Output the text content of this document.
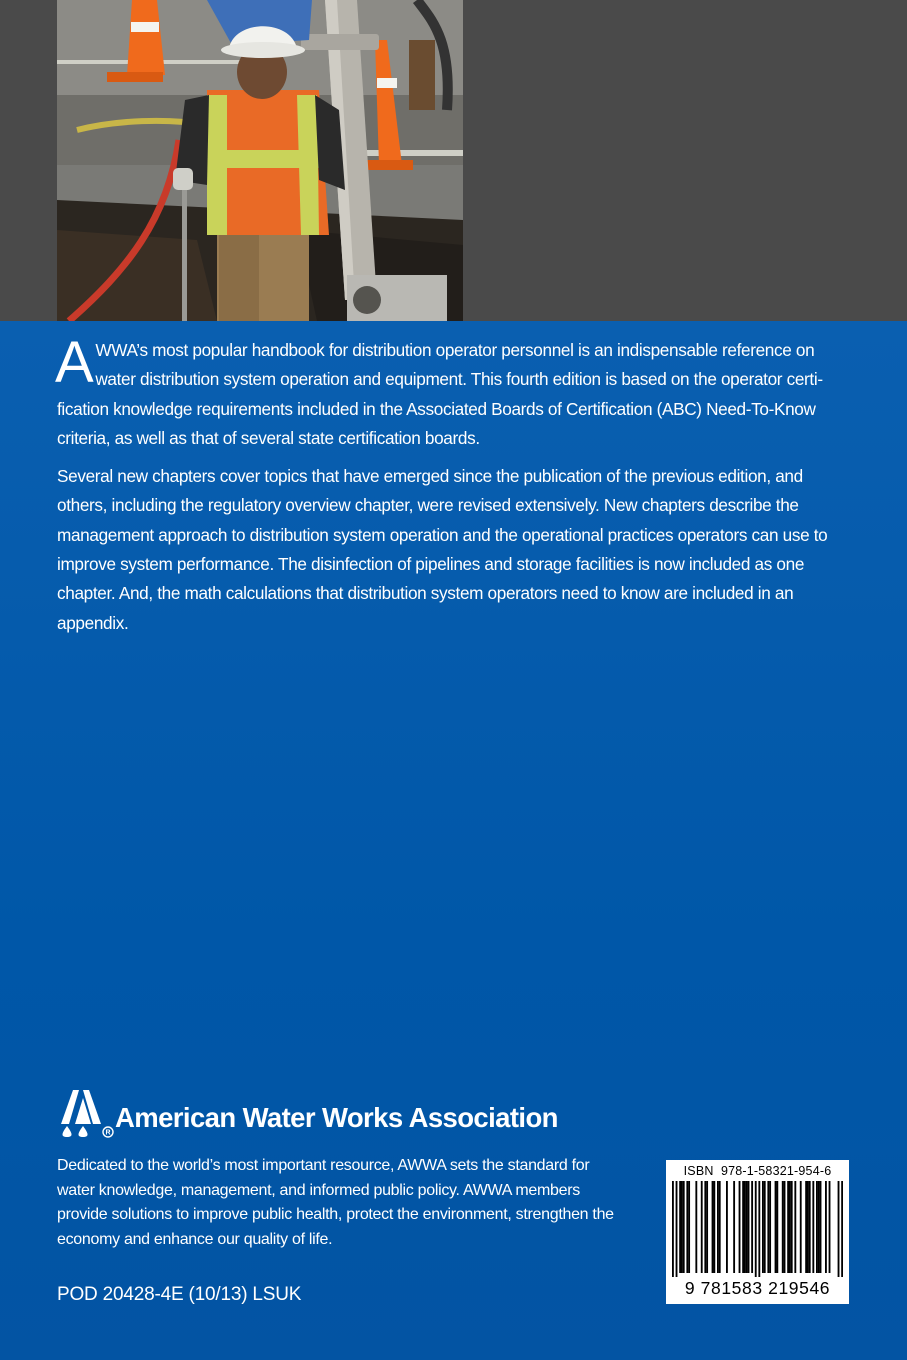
AWWA’s most popular handbook for distribution operator personnel is an indispensable reference on water distribution system operation and equipment. This fourth edition is based on the operator certification knowledge requirements included in the Associated Boards of Certification (ABC) Need-To-Know criteria, as well as that of several state certification boards.

Several new chapters cover topics that have emerged since the publication of the previous edition, and others, including the regulatory overview chapter, were revised extensively. New chapters describe the management approach to distribution system operation and the operational practices operators can use to improve system performance. The disinfection of pipelines and storage facilities is now included as one chapter. And, the math calculations that distribution system operators need to know are included in an appendix.

R American Water Works Association
Dedicated to the world’s most important resource, AWWA sets the standard for water knowledge, management, and informed public policy. AWWA members provide solutions to improve public health, protect the environment, strengthen the economy and enhance our quality of life.
POD 20428-4E (10/13) LSUK
ISBN  978-1-58321-954-6
9 781583 219546
